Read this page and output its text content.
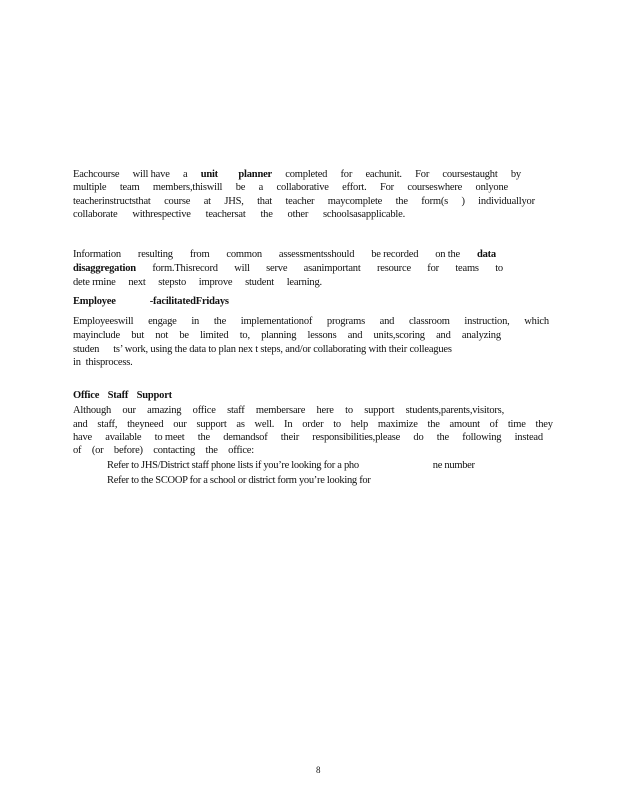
Eachcourse will have a unit planner completed for eachunit. For coursestaught by
multiple team members,thiswill be a collaborative effort. For courseswhere onlyone
teacherinstructsthat course at JHS, that teacher maycomplete the form(s ) individuallyor
collaborate withrespective teachersat the other schoolsasapplicable.
Information resulting from common assessmentsshould be recorded on the data
disaggregation form.Thisrecord will serve asanimportant resource for teams to
dete rmine next stepsto improve student learning.
Employee	-facilitatedFridays
Employeeswill engage in the implementationof programs and classroom instruction, which
mayinclude but not be limited to, planning lessons and units,scoring and analyzing
studen ts’ work, using the data to plan nex t steps, and/or collaborating with their colleagues
in thisprocess.
Office Staff Support
Although our amazing office staff membersare here to support students,parents,visitors,
and staff, theyneed our support as well. In order to help maximize the amount of time they
have available to meet the demandsof their responsibilities,please do the following instead
of (or before) contacting the office:
Refer to JHS/District staff phone lists if you’re looking for a pho	ne number
Refer to the SCOOP for a school or district form you’re looking for
8
